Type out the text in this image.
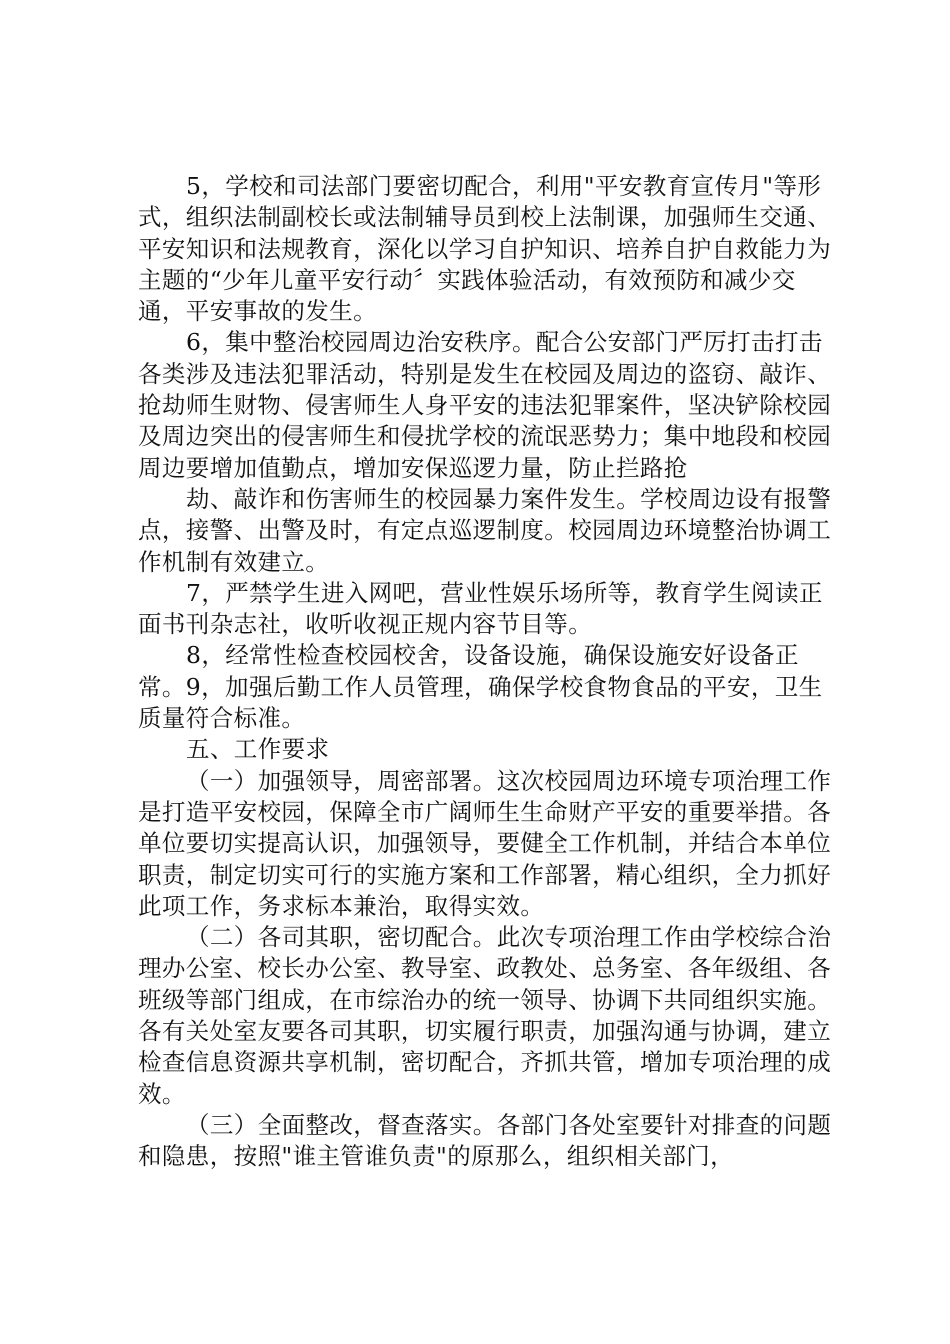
5，学校和司法部门要密切配合，利用"平安教育宣传月"等形式，组织法制副校长或法制辅导员到校上法制课，加强师生交通、平安知识和法规教育，深化以学习自护知识、培养自护自救能力为主题的“少年儿童平安行动〞实践体验活动，有效预防和减少交通，平安事故的发生。

6，集中整治校园周边治安秩序。配合公安部门严厉打击打击各类涉及违法犯罪活动，特别是发生在校园及周边的盗窃、敲诈、抢劫师生财物、侵害师生人身平安的违法犯罪案件，坚决铲除校园及周边突出的侵害师生和侵扰学校的流氓恶势力；集中地段和校园周边要增加值勤点，增加安保巡逻力量，防止拦路抢

劫、敲诈和伤害师生的校园暴力案件发生。学校周边设有报警点，接警、出警及时，有定点巡逻制度。校园周边环境整治协调工作机制有效建立。

7，严禁学生进入网吧，营业性娱乐场所等，教育学生阅读正面书刊杂志社，收听收视正规内容节目等。

8，经常性检查校园校舍，设备设施，确保设施安好设备正常。9，加强后勤工作人员管理，确保学校食物食品的平安，卫生质量符合标准。

五、工作要求

（一）加强领导，周密部署。这次校园周边环境专项治理工作是打造平安校园，保障全市广阔师生生命财产平安的重要举措。各单位要切实提高认识，加强领导，要健全工作机制，并结合本单位职责，制定切实可行的实施方案和工作部署，精心组织，全力抓好此项工作，务求标本兼治，取得实效。

（二）各司其职，密切配合。此次专项治理工作由学校综合治理办公室、校长办公室、教导室、政教处、总务室、各年级组、各班级等部门组成，在市综治办的统一领导、协调下共同组织实施。各有关处室友要各司其职，切实履行职责，加强沟通与协调，建立检查信息资源共享机制，密切配合，齐抓共管，增加专项治理的成效。

（三）全面整改，督查落实。各部门各处室要针对排查的问题和隐患，按照"谁主管谁负责"的原那么，组织相关部门，
